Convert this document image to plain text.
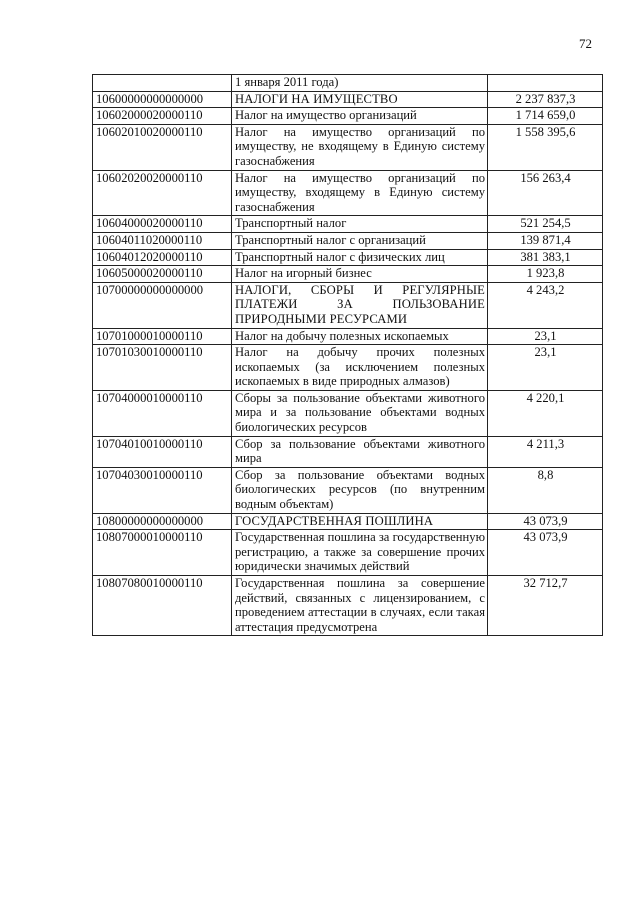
72
	1 января 2011 года)	
10600000000000000	НАЛОГИ НА ИМУЩЕСТВО	2 237 837,3
10602000020000110	Налог на имущество организаций	1 714 659,0
10602010020000110	Налог на имущество организаций по имуществу, не входящему в Единую систему газоснабжения	1 558 395,6
10602020020000110	Налог на имущество организаций по имуществу, входящему в Единую систему газоснабжения	156 263,4
10604000020000110	Транспортный налог	521 254,5
10604011020000110	Транспортный налог с организаций	139 871,4
10604012020000110	Транспортный налог с физических лиц	381 383,1
10605000020000110	Налог на игорный бизнес	1 923,8
10700000000000000	НАЛОГИ, СБОРЫ И РЕГУЛЯРНЫЕ ПЛАТЕЖИ ЗА ПОЛЬЗОВАНИЕ ПРИРОДНЫМИ РЕСУРСАМИ	4 243,2
10701000010000110	Налог на добычу полезных ископаемых	23,1
10701030010000110	Налог на добычу прочих полезных ископаемых (за исключением полезных ископаемых в виде природных алмазов)	23,1
10704000010000110	Сборы за пользование объектами животного мира и за пользование объектами водных биологических ресурсов	4 220,1
10704010010000110	Сбор за пользование объектами животного мира	4 211,3
10704030010000110	Сбор за пользование объектами водных биологических ресурсов (по внутренним водным объектам)	8,8
10800000000000000	ГОСУДАРСТВЕННАЯ ПОШЛИНА	43 073,9
10807000010000110	Государственная пошлина за государственную регистрацию, а также за совершение прочих юридически значимых действий	43 073,9
10807080010000110	Государственная пошлина за совершение действий, связанных с лицензированием, с проведением аттестации в случаях, если такая аттестация предусмотрена	32 712,7
